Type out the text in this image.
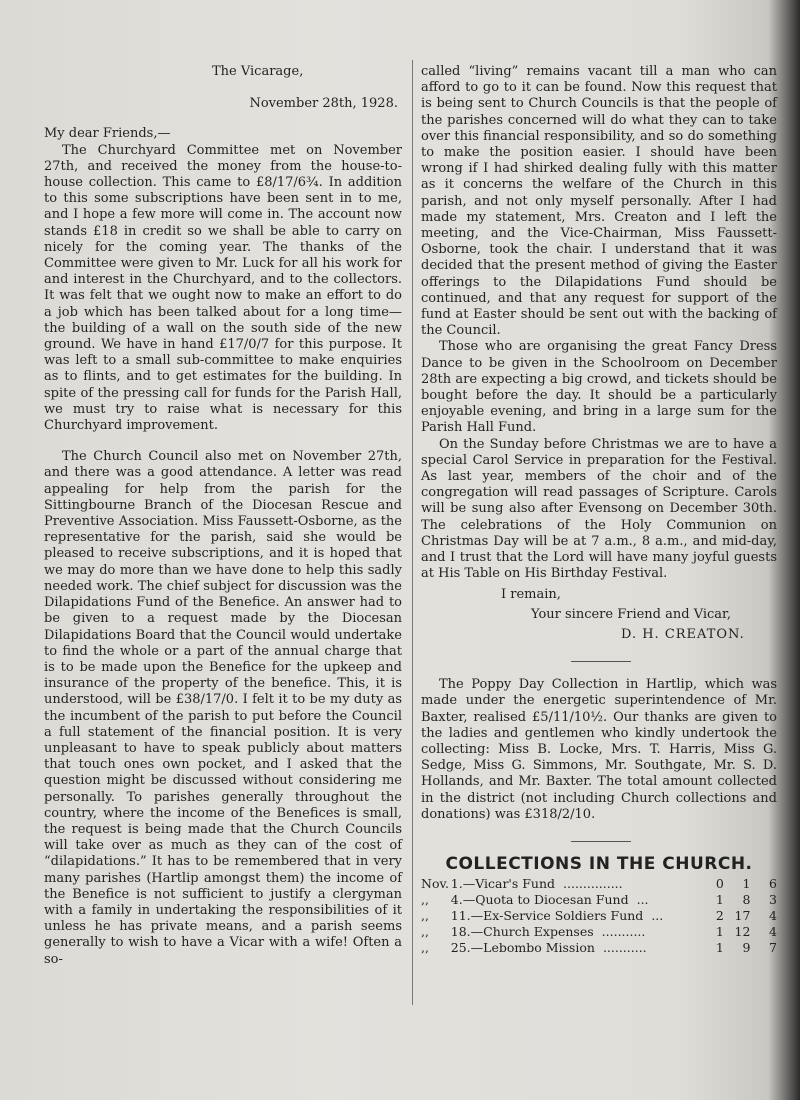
The Vicarage,

November 28th, 1928.

My dear Friends,—

The Churchyard Committee met on November 27th, and received the money from the house-to-house collection. This came to £8/17/6¾. In addition to this some subscriptions have been sent in to me, and I hope a few more will come in. The account now stands £18 in credit so we shall be able to carry on nicely for the coming year. The thanks of the Committee were given to Mr. Luck for all his work for and interest in the Churchyard, and to the collectors. It was felt that we ought now to make an effort to do a job which has been talked about for a long time—the building of a wall on the south side of the new ground. We have in hand £17/0/7 for this purpose. It was left to a small sub-committee to make enquiries as to flints, and to get estimates for the building. In spite of the pressing call for funds for the Parish Hall, we must try to raise what is necessary for this Churchyard improvement.

The Church Council also met on November 27th, and there was a good attendance. A letter was read appealing for help from the parish for the Sittingbourne Branch of the Diocesan Rescue and Preventive Association. Miss Faussett-Osborne, as the representative for the parish, said she would be pleased to receive subscriptions, and it is hoped that we may do more than we have done to help this sadly needed work. The chief subject for discussion was the Dilapidations Fund of the Benefice. An answer had to be given to a request made by the Diocesan Dilapidations Board that the Council would undertake to find the whole or a part of the annual charge that is to be made upon the Benefice for the upkeep and insurance of the property of the benefice. This, it is understood, will be £38/17/0. I felt it to be my duty as the incumbent of the parish to put before the Council a full statement of the financial position. It is very unpleasant to have to speak publicly about matters that touch ones own pocket, and I asked that the question might be discussed without considering me personally. To parishes generally throughout the country, where the income of the Benefices is small, the request is being made that the Church Councils will take over as much as they can of the cost of “dilapidations.” It has to be remembered that in very many parishes (Hartlip amongst them) the income of the Benefice is not sufficient to justify a clergyman with a family in undertaking the responsibilities of it unless he has private means, and a parish seems generally to wish to have a Vicar with a wife! Often a so-

called “living” remains vacant till a man who can afford to go to it can be found. Now this request that is being sent to Church Councils is that the people of the parishes concerned will do what they can to take over this financial responsibility, and so do something to make the position easier. I should have been wrong if I had shirked dealing fully with this matter as it concerns the welfare of the Church in this parish, and not only myself personally. After I had made my statement, Mrs. Creaton and I left the meeting, and the Vice-Chairman, Miss Faussett-Osborne, took the chair. I understand that it was decided that the present method of giving the Easter offerings to the Dilapidations Fund should be continued, and that any request for support of the fund at Easter should be sent out with the backing of the Council.

Those who are organising the great Fancy Dress Dance to be given in the Schoolroom on December 28th are expecting a big crowd, and tickets should be bought before the day. It should be a particularly enjoyable evening, and bring in a large sum for the Parish Hall Fund.

On the Sunday before Christmas we are to have a special Carol Service in preparation for the Festival. As last year, members of the choir and of the congregation will read passages of Scripture. Carols will be sung also after Evensong on December 30th. The celebrations of the Holy Communion on Christmas Day will be at 7 a.m., 8 a.m., and mid-day, and I trust that the Lord will have many joyful guests at His Table on His Birthday Festival.

I remain,

Your sincere Friend and Vicar,

D. H. CREATON.

The Poppy Day Collection in Hartlip, which was made under the energetic superintendence of Mr. Baxter, realised £5/11/10½. Our thanks are given to the ladies and gentlemen who kindly undertook the collecting: Miss B. Locke, Mrs. T. Harris, Miss G. Sedge, Miss G. Simmons, Mr. Southgate, Mr. S. D. Hollands, and Mr. Baxter. The total amount collected in the district (not including Church collections and donations) was £318/2/10.

COLLECTIONS IN THE CHURCH.
Nov.	1.—Vicar's Fund ...............	0	1	6
,,	4.—Quota to Diocesan Fund ...	1	8	3
,,	11.—Ex-Service Soldiers Fund ...	2	17	4
,,	18.—Church Expenses ...........	1	12	4
,,	25.—Lebombo Mission ...........	1	9	7
